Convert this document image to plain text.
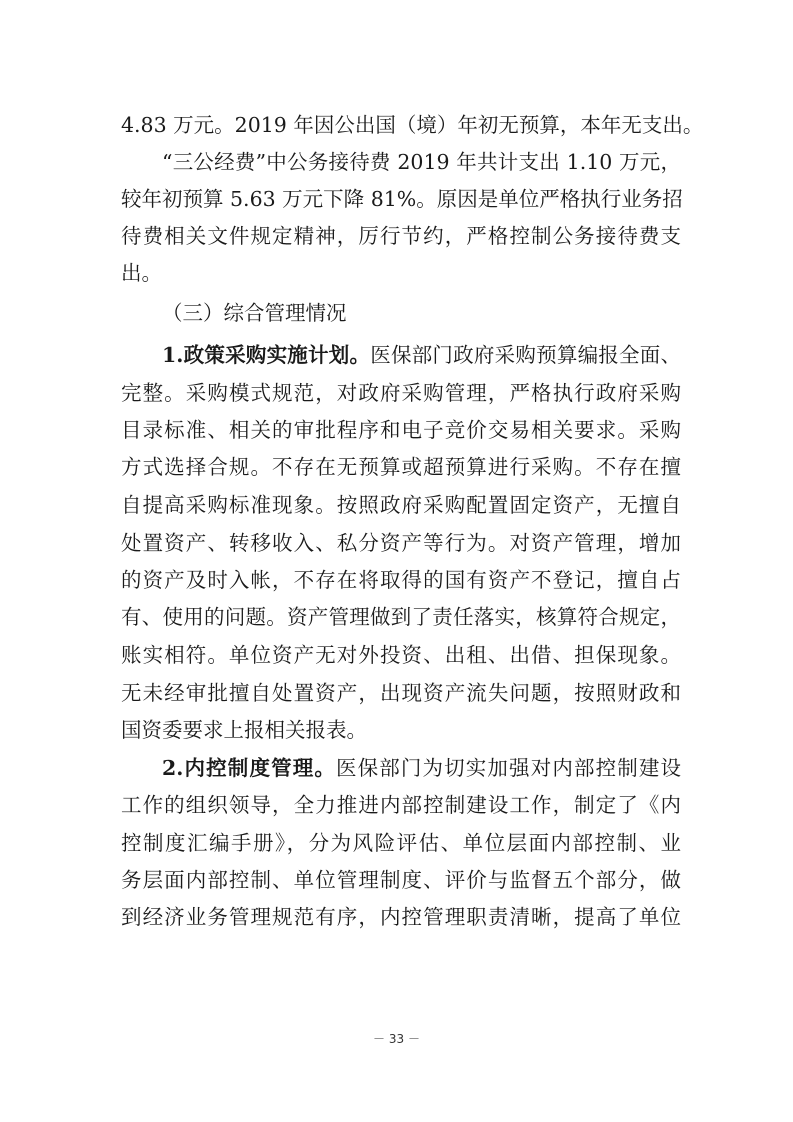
4.83 万元。2019 年因公出国（境）年初无预算，本年无支出。
“三公经费”中公务接待费 2019 年共计支出 1.10 万元，
较年初预算 5.63 万元下降 81%。原因是单位严格执行业务招
待费相关文件规定精神，厉行节约，严格控制公务接待费支
出。
（三）综合管理情况
1.政策采购实施计划。医保部门政府采购预算编报全面、
完整。采购模式规范，对政府采购管理，严格执行政府采购
目录标准、相关的审批程序和电子竞价交易相关要求。采购
方式选择合规。不存在无预算或超预算进行采购。不存在擅
自提高采购标准现象。按照政府采购配置固定资产，无擅自
处置资产、转移收入、私分资产等行为。对资产管理，增加
的资产及时入帐，不存在将取得的国有资产不登记，擅自占
有、使用的问题。资产管理做到了责任落实，核算符合规定，
账实相符。单位资产无对外投资、出租、出借、担保现象。
无未经审批擅自处置资产，出现资产流失问题，按照财政和
国资委要求上报相关报表。
2.内控制度管理。医保部门为切实加强对内部控制建设
工作的组织领导，全力推进内部控制建设工作，制定了《内
控制度汇编手册》，分为风险评估、单位层面内部控制、业
务层面内部控制、单位管理制度、评价与监督五个部分，做
到经济业务管理规范有序，内控管理职责清晰，提高了单位
－ 33 －
